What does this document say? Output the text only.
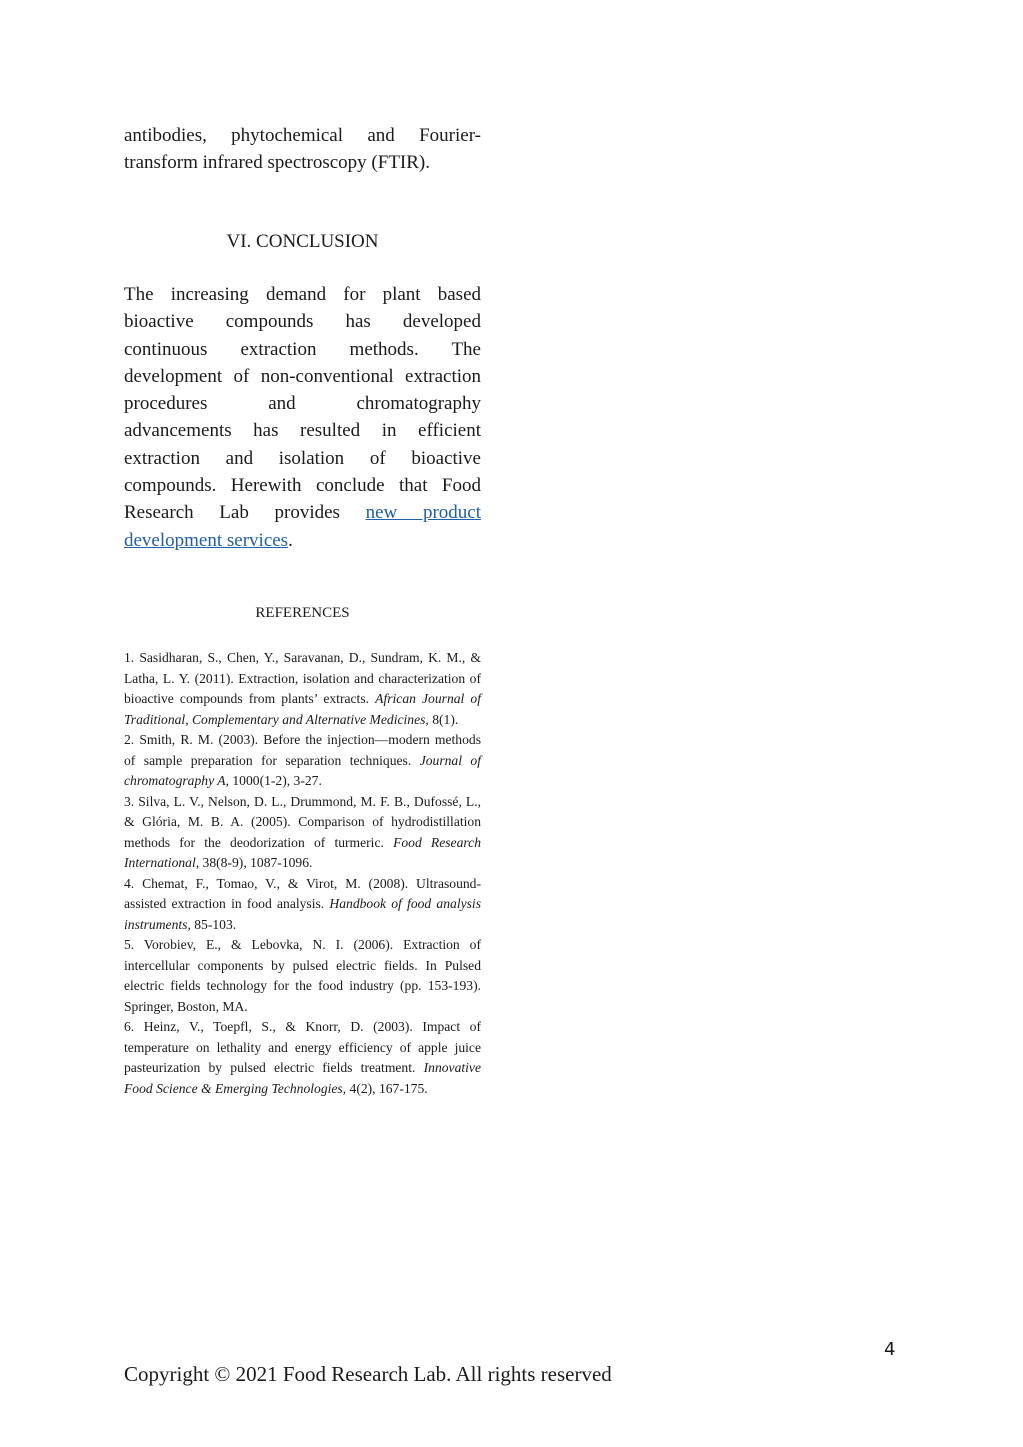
antibodies, phytochemical and Fourier-transform infrared spectroscopy (FTIR).

VI. CONCLUSION

The increasing demand for plant based bioactive compounds has developed continuous extraction methods. The development of non-conventional extraction procedures and chromatography advancements has resulted in efficient extraction and isolation of bioactive compounds. Herewith conclude that Food Research Lab provides new product development services.

REFERENCES

1. Sasidharan, S., Chen, Y., Saravanan, D., Sundram, K. M., & Latha, L. Y. (2011). Extraction, isolation and characterization of bioactive compounds from plants’ extracts. African Journal of Traditional, Complementary and Alternative Medicines, 8(1).

2. Smith, R. M. (2003). Before the injection—modern methods of sample preparation for separation techniques. Journal of chromatography A, 1000(1-2), 3-27.

3. Silva, L. V., Nelson, D. L., Drummond, M. F. B., Dufossé, L., & Glória, M. B. A. (2005). Comparison of hydrodistillation methods for the deodorization of turmeric. Food Research International, 38(8-9), 1087-1096.

4. Chemat, F., Tomao, V., & Virot, M. (2008). Ultrasound-assisted extraction in food analysis. Handbook of food analysis instruments, 85-103.

5. Vorobiev, E., & Lebovka, N. I. (2006). Extraction of intercellular components by pulsed electric fields. In Pulsed electric fields technology for the food industry (pp. 153-193). Springer, Boston, MA.

6. Heinz, V., Toepfl, S., & Knorr, D. (2003). Impact of temperature on lethality and energy efficiency of apple juice pasteurization by pulsed electric fields treatment. Innovative Food Science & Emerging Technologies, 4(2), 167-175.

4

Copyright © 2021 Food Research Lab. All rights reserved
